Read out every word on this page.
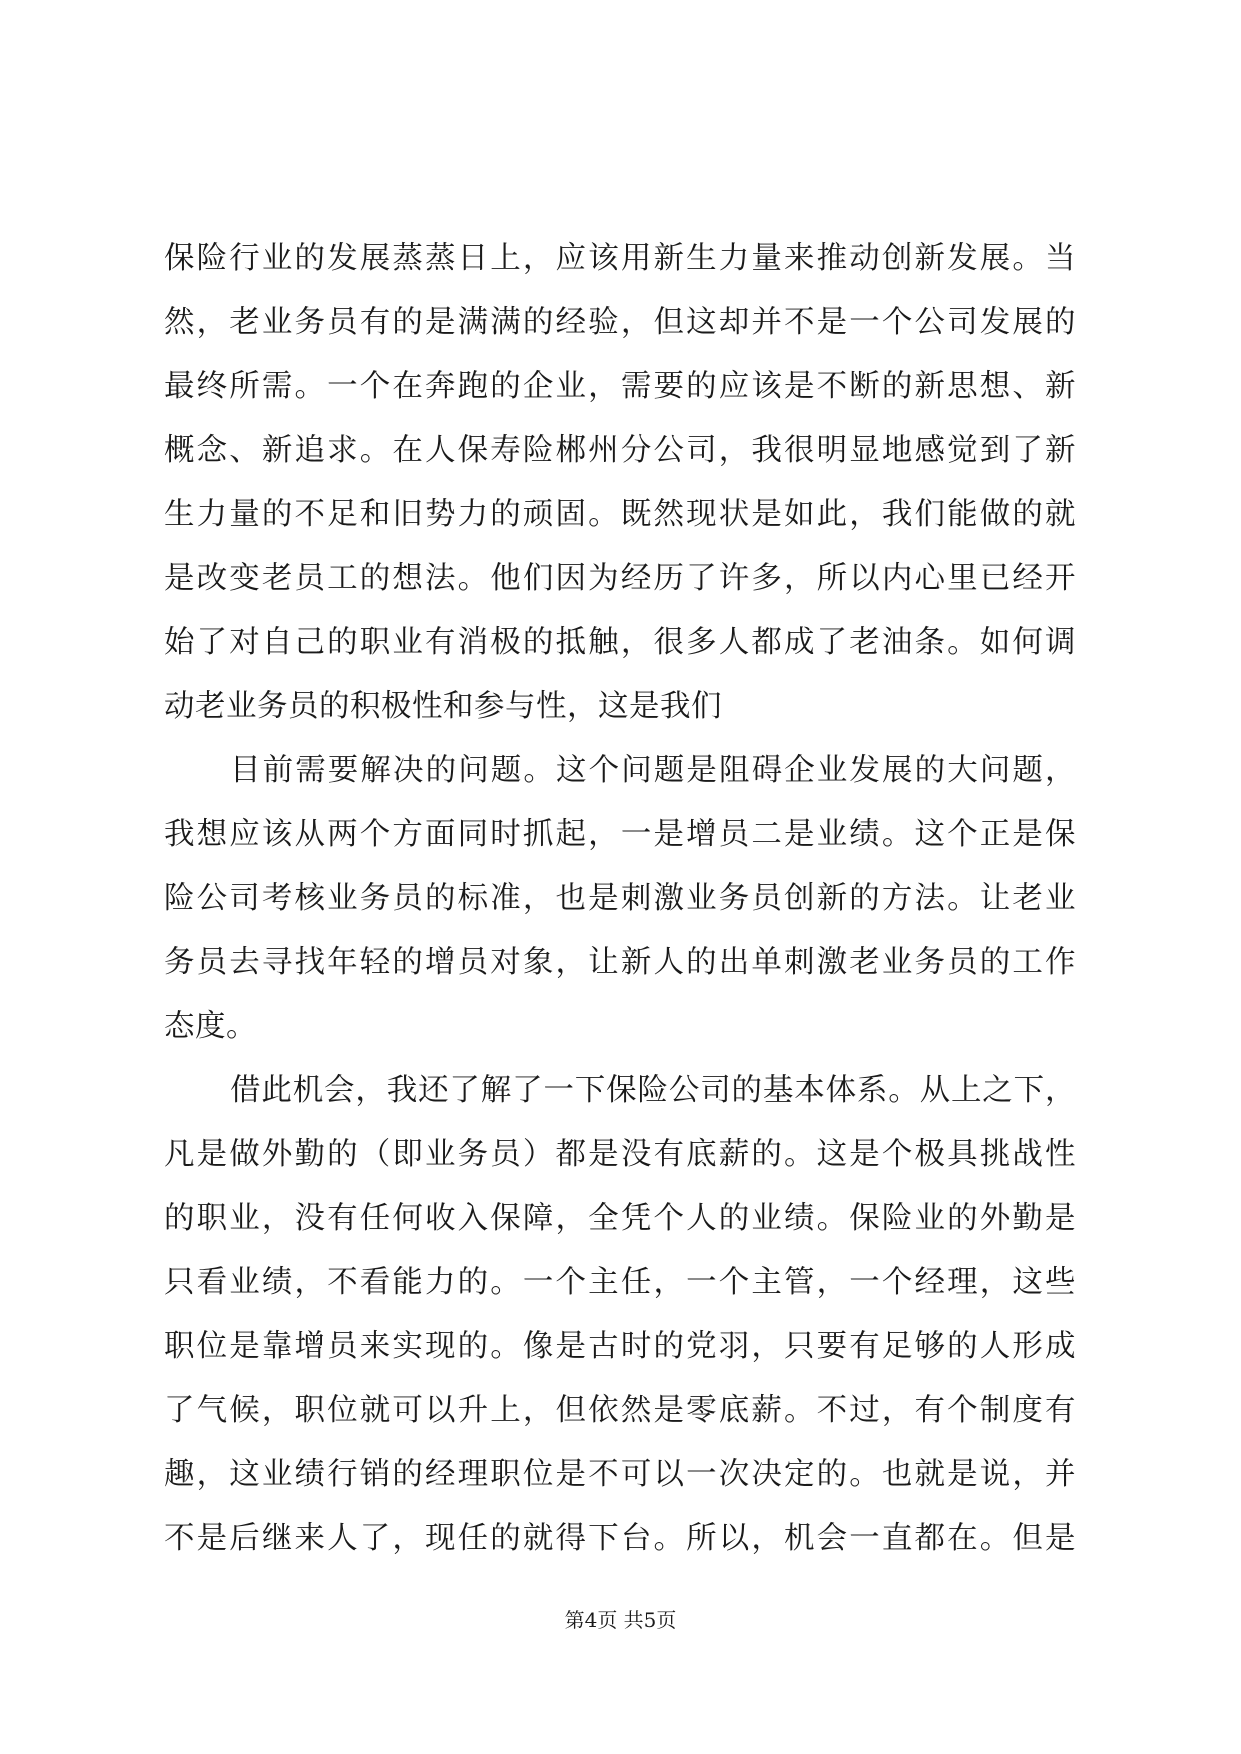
保险行业的发展蒸蒸日上，应该用新生力量来推动创新发展。当
然，老业务员有的是满满的经验，但这却并不是一个公司发展的
最终所需。一个在奔跑的企业，需要的应该是不断的新思想、新
概念、新追求。在人保寿险郴州分公司，我很明显地感觉到了新
生力量的不足和旧势力的顽固。既然现状是如此，我们能做的就
是改变老员工的想法。他们因为经历了许多，所以内心里已经开
始了对自己的职业有消极的抵触，很多人都成了老油条。如何调
动老业务员的积极性和参与性，这是我们
目前需要解决的问题。这个问题是阻碍企业发展的大问题，
我想应该从两个方面同时抓起，一是增员二是业绩。这个正是保
险公司考核业务员的标准，也是刺激业务员创新的方法。让老业
务员去寻找年轻的增员对象，让新人的出单刺激老业务员的工作
态度。
借此机会，我还了解了一下保险公司的基本体系。从上之下，
凡是做外勤的（即业务员）都是没有底薪的。这是个极具挑战性
的职业，没有任何收入保障，全凭个人的业绩。保险业的外勤是
只看业绩，不看能力的。一个主任，一个主管，一个经理，这些
职位是靠增员来实现的。像是古时的党羽，只要有足够的人形成
了气候，职位就可以升上，但依然是零底薪。不过，有个制度有
趣，这业绩行销的经理职位是不可以一次决定的。也就是说，并
不是后继来人了，现任的就得下台。所以，机会一直都在。但是
第4页 共5页
